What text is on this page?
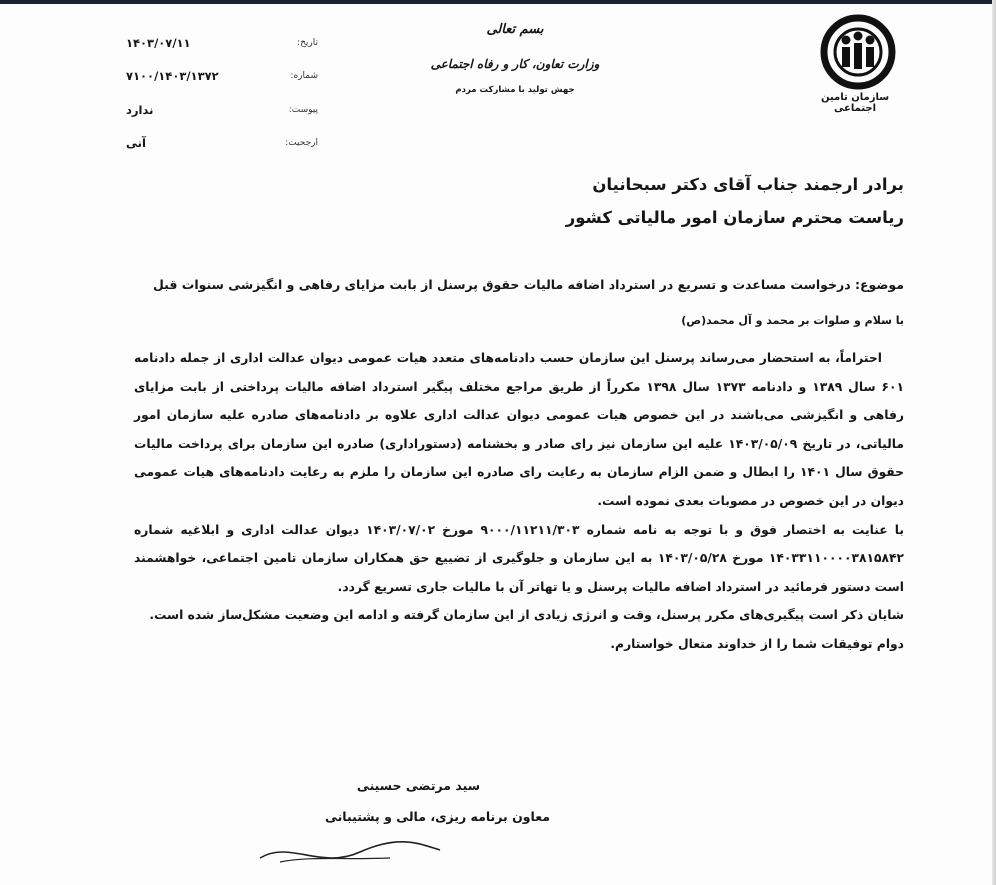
سازمان تامین اجتماعی
بسم تعالی
وزارت تعاون، کار و رفاه اجتماعی
جهش تولید با مشارکت مردم
تاریخ:
۱۴۰۳/۰۷/۱۱
شماره:
۷۱۰۰/۱۴۰۳/۱۳۷۲
پیوست:
ندارد
ارجحیت:
آنی
برادر ارجمند جناب آقای دکتر سبحانیان
ریاست محترم سازمان امور مالیاتی کشور
موضوع: درخواست مساعدت و تسریع در استرداد اضافه مالیات حقوق پرسنل از بابت مزایای رفاهی و انگیزشی سنوات قبل
با سلام و صلوات بر محمد و آل محمد(ص)

احتراماً، به استحضار می‌رساند پرسنل این سازمان حسب دادنامه‌های متعدد هیات عمومی دیوان عدالت اداری از جمله دادنامه ۶۰۱ سال ۱۳۸۹ و دادنامه ۱۳۷۳ سال ۱۳۹۸ مکرراً از طریق مراجع مختلف پیگیر استرداد اضافه مالیات پرداختی از بابت مزایای رفاهی و انگیزشی می‌باشند در این خصوص هیات عمومی دیوان عدالت اداری علاوه بر دادنامه‌های صادره علیه سازمان امور مالیاتی، در تاریخ ۱۴۰۳/۰۵/۰۹ علیه این سازمان نیز رای صادر و بخشنامه (دستوراداری) صادره این سازمان برای پرداخت مالیات حقوق سال ۱۴۰۱ را ابطال و ضمن الزام سازمان به رعایت رای صادره این سازمان را ملزم به رعایت دادنامه‌های هیات عمومی دیوان در این خصوص در مصوبات بعدی نموده است.

با عنایت به اختصار فوق و با توجه به نامه شماره ۹۰۰۰/۱۱۲۱۱/۳۰۳ مورخ ۱۴۰۳/۰۷/۰۲ دیوان عدالت اداری و ابلاغیه شماره ۱۴۰۳۳۱۱۰۰۰۰۳۸۱۵۸۴۲ مورخ ۱۴۰۳/۰۵/۲۸ به این سازمان و جلوگیری از تضییع حق همکاران سازمان تامین اجتماعی، خواهشمند است دستور فرمائید در استرداد اضافه مالیات پرسنل و یا تهاتر آن با مالیات جاری تسریع گردد.

شایان ذکر است پیگیری‌های مکرر پرسنل، وقت و انرژی زیادی از این سازمان گرفته و ادامه این وضعیت مشکل‌ساز شده است.

دوام توفیقات شما را از خداوند متعال خواستارم.

سید مرتضی حسینی
معاون برنامه ریزی، مالی و پشتیبانی
